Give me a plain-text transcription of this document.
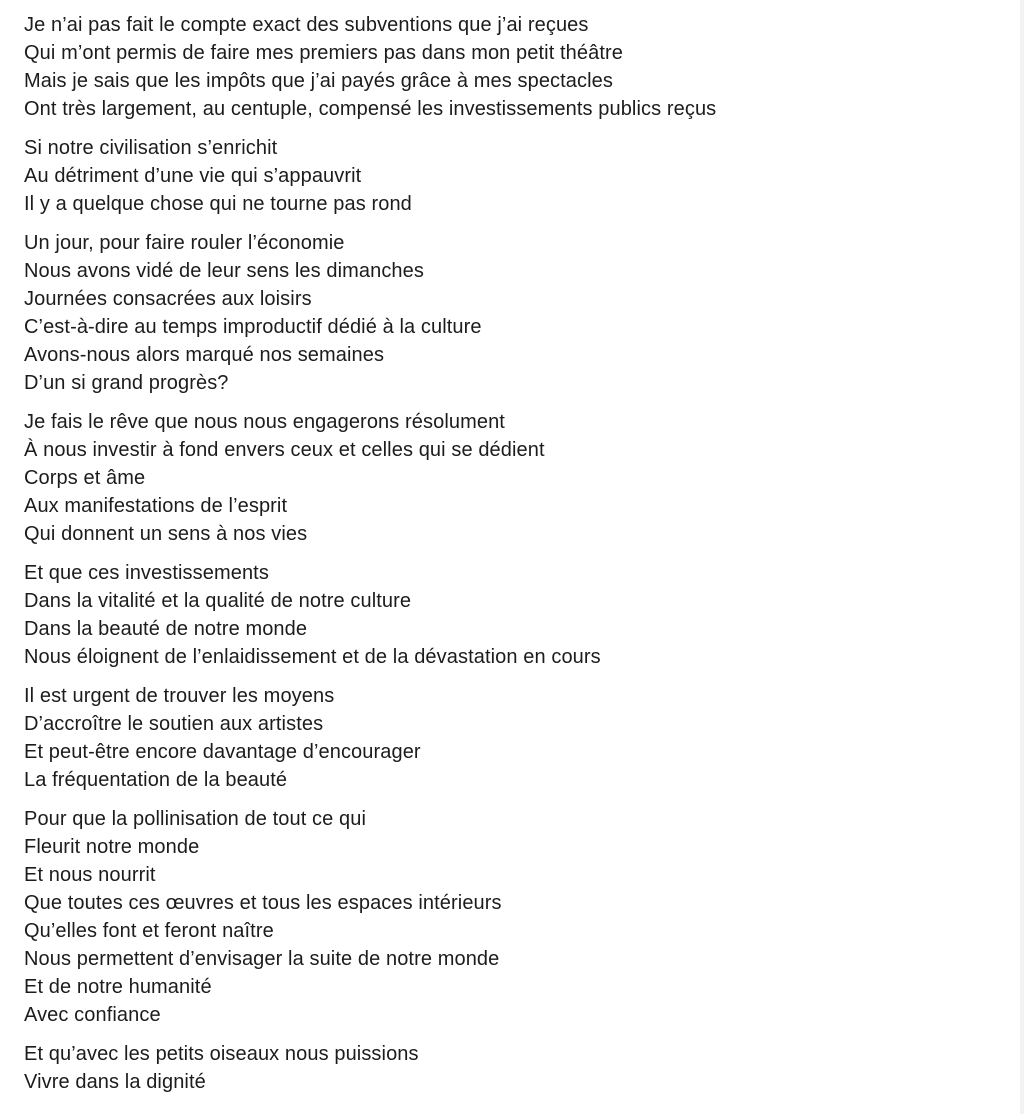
Je n’ai pas fait le compte exact des subventions que j’ai reçues
Qui m’ont permis de faire mes premiers pas dans mon petit théâtre
Mais je sais que les impôts que j’ai payés grâce à mes spectacles
Ont très largement, au centuple, compensé les investissements publics reçus
Si notre civilisation s’enrichit
Au détriment d’une vie qui s’appauvrit
Il y a quelque chose qui ne tourne pas rond
Un jour, pour faire rouler l’économie
Nous avons vidé de leur sens les dimanches
Journées consacrées aux loisirs
C’est-à-dire au temps improductif dédié à la culture
Avons-nous alors marqué nos semaines
D’un si grand progrès?
Je fais le rêve que nous nous engagerons résolument
À nous investir à fond envers ceux et celles qui se dédient
Corps et âme
Aux manifestations de l’esprit
Qui donnent un sens à nos vies
Et que ces investissements
Dans la vitalité et la qualité de notre culture
Dans la beauté de notre monde
Nous éloignent de l’enlaidissement et de la dévastation en cours
Il est urgent de trouver les moyens
D’accroître le soutien aux artistes
Et peut-être encore davantage d’encourager
La fréquentation de la beauté
Pour que la pollinisation de tout ce qui
Fleurit notre monde
Et nous nourrit
Que toutes ces œuvres et tous les espaces intérieurs
Qu’elles font et feront naître
Nous permettent d’envisager la suite de notre monde
Et de notre humanité
Avec confiance
Et qu’avec les petits oiseaux nous puissions
Vivre dans la dignité
